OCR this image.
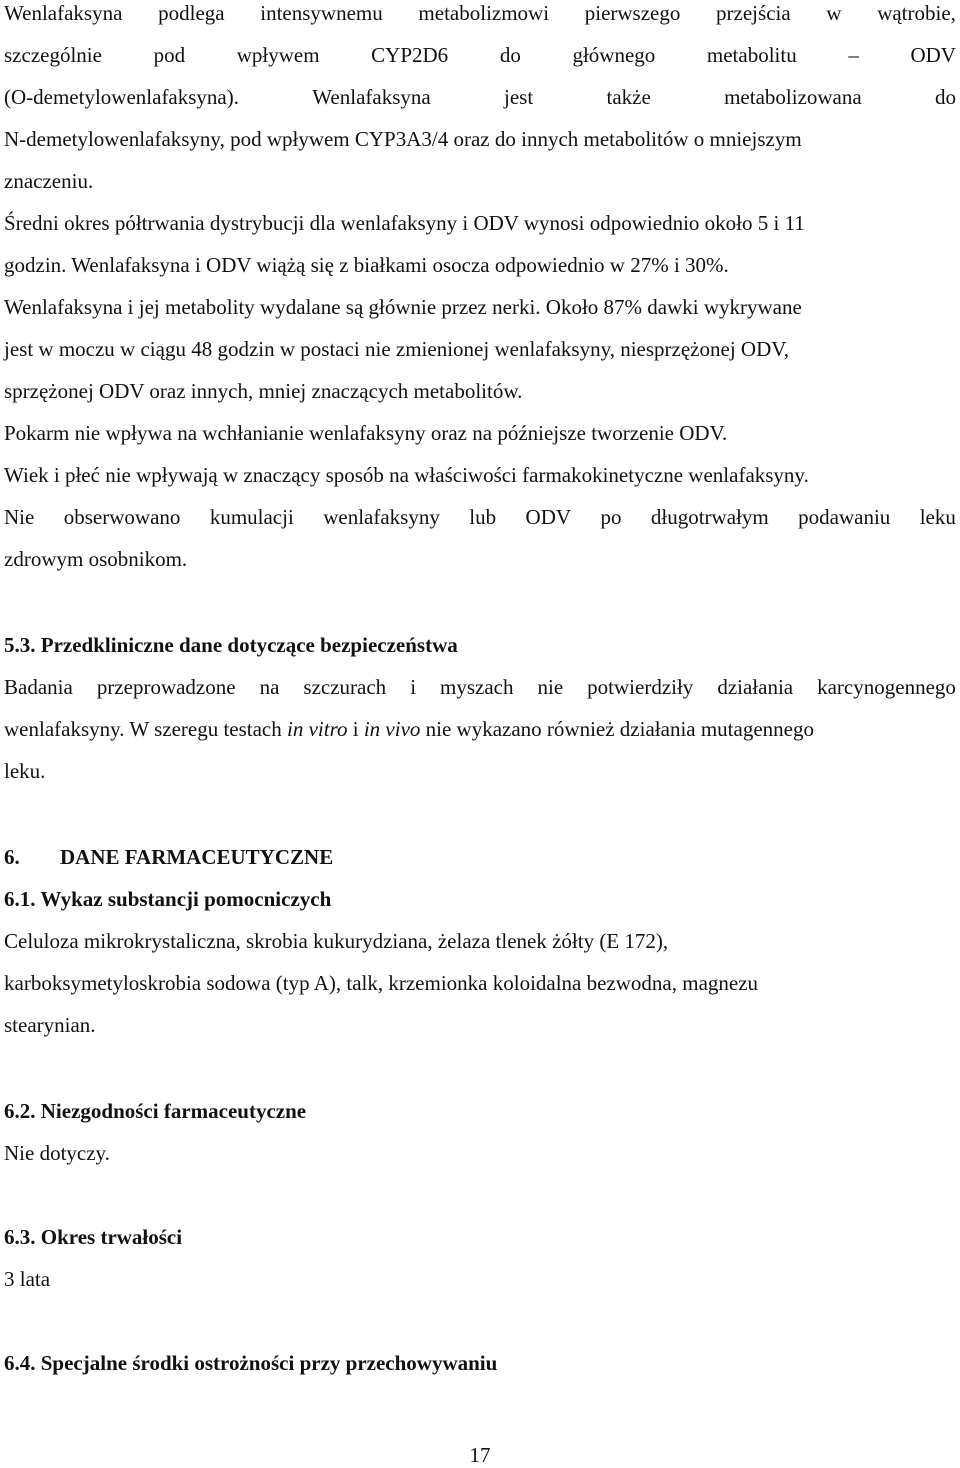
Wenlafaksyna podlega intensywnemu metabolizmowi pierwszego przejścia w wątrobie,
szczególnie pod wpływem CYP2D6 do głównego metabolitu – ODV
(O-demetylowenlafaksyna).	Wenlafaksyna	jest	także	metabolizowana	do
N-demetylowenlafaksyny, pod wpływem CYP3A3/4 oraz do innych metabolitów o mniejszym
znaczeniu.
Średni okres półtrwania dystrybucji dla wenlafaksyny i ODV wynosi odpowiednio około 5 i 11
godzin. Wenlafaksyna i ODV wiążą się z białkami osocza odpowiednio w 27% i 30%.
Wenlafaksyna i jej metabolity wydalane są głównie przez nerki. Około 87% dawki wykrywane
jest w moczu w ciągu 48 godzin w postaci nie zmienionej wenlafaksyny, niesprzężonej ODV,
sprzężonej ODV oraz innych, mniej znaczących metabolitów.
Pokarm nie wpływa na wchłanianie wenlafaksyny oraz na późniejsze tworzenie ODV.
Wiek i płeć nie wpływają w znaczący sposób na właściwości farmakokinetyczne wenlafaksyny.
Nie obserwowano kumulacji wenlafaksyny lub ODV po długotrwałym podawaniu leku
zdrowym osobnikom.
5.3. Przedkliniczne dane dotyczące bezpieczeństwa
Badania przeprowadzone na szczurach i myszach nie potwierdziły działania karcynogennego
wenlafaksyny. W szeregu testach in vitro i in vivo nie wykazano również działania mutagennego
leku.
6. DANE FARMACEUTYCZNE
6.1. Wykaz substancji pomocniczych
Celuloza mikrokrystaliczna, skrobia kukurydziana, żelaza tlenek żółty (E 172),
karboksymetyloskrobia sodowa (typ A), talk, krzemionka koloidalna bezwodna, magnezu
stearynian.
6.2. Niezgodności farmaceutyczne
Nie dotyczy.
6.3. Okres trwałości
3 lata
6.4. Specjalne środki ostrożności przy przechowywaniu
17
